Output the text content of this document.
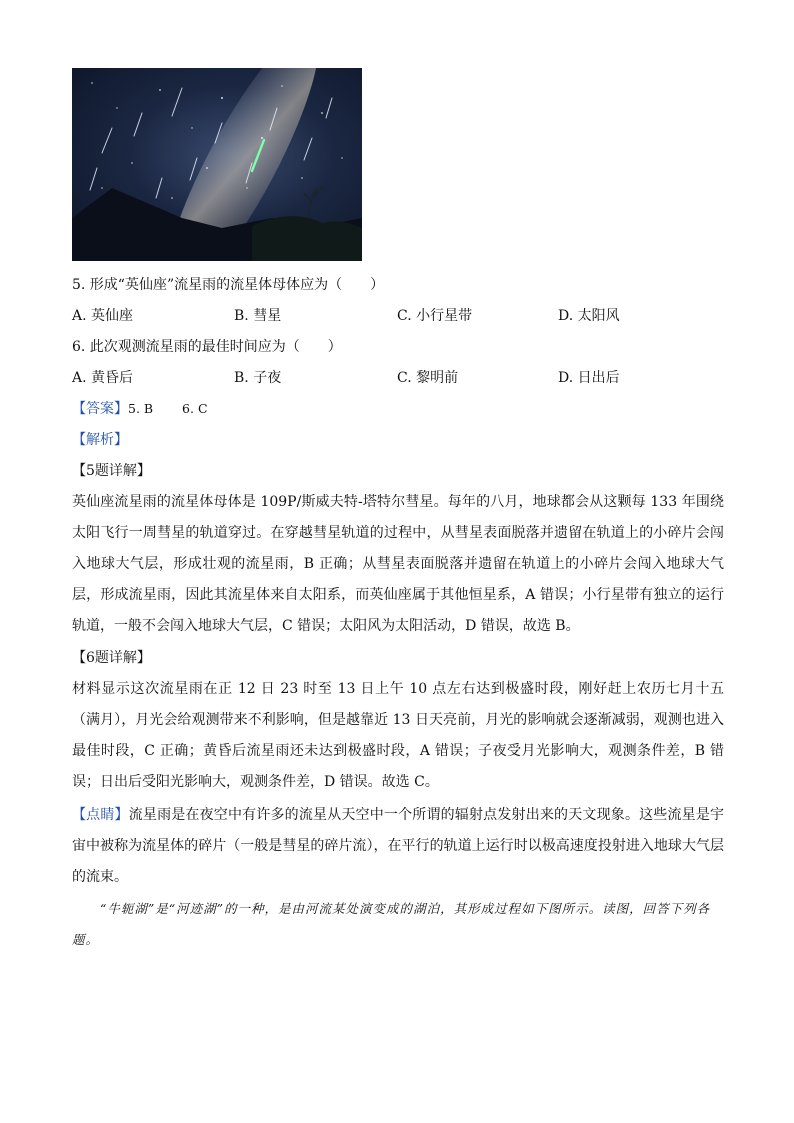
5. 形成“英仙座”流星雨的流星体母体应为（　　）
A. 英仙座	B. 彗星	C. 小行星带	D. 太阳风
6. 此次观测流星雨的最佳时间应为（　　）
A. 黄昏后	B. 子夜	C. 黎明前	D. 日出后
【答案】5. B　　 6. C
【解析】
【5题详解】
英仙座流星雨的流星体母体是 109P/斯威夫特-塔特尔彗星。每年的八月，地球都会从这颗每 133 年围绕太阳飞行一周彗星的轨道穿过。在穿越彗星轨道的过程中，从彗星表面脱落并遗留在轨道上的小碎片会闯入地球大气层，形成壮观的流星雨，B 正确；从彗星表面脱落并遗留在轨道上的小碎片会闯入地球大气层，形成流星雨，因此其流星体来自太阳系，而英仙座属于其他恒星系，A 错误；小行星带有独立的运行轨道，一般不会闯入地球大气层，C 错误；太阳风为太阳活动，D 错误，故选 B。
【6题详解】
材料显示这次流星雨在正 12 日 23 时至 13 日上午 10 点左右达到极盛时段，刚好赶上农历七月十五（满月），月光会给观测带来不利影响，但是越靠近 13 日天亮前，月光的影响就会逐渐减弱，观测也进入最佳时段，C 正确；黄昏后流星雨还未达到极盛时段，A 错误；子夜受月光影响大，观测条件差，B 错误；日出后受阳光影响大，观测条件差，D 错误。故选 C。
【点睛】流星雨是在夜空中有许多的流星从天空中一个所谓的辐射点发射出来的天文现象。这些流星是宇宙中被称为流星体的碎片（一般是彗星的碎片流），在平行的轨道上运行时以极高速度投射进入地球大气层的流束。
“牛轭湖”是“河迹湖”的一种，是由河流某处演变成的湖泊，其形成过程如下图所示。读图，回答下列各题。
